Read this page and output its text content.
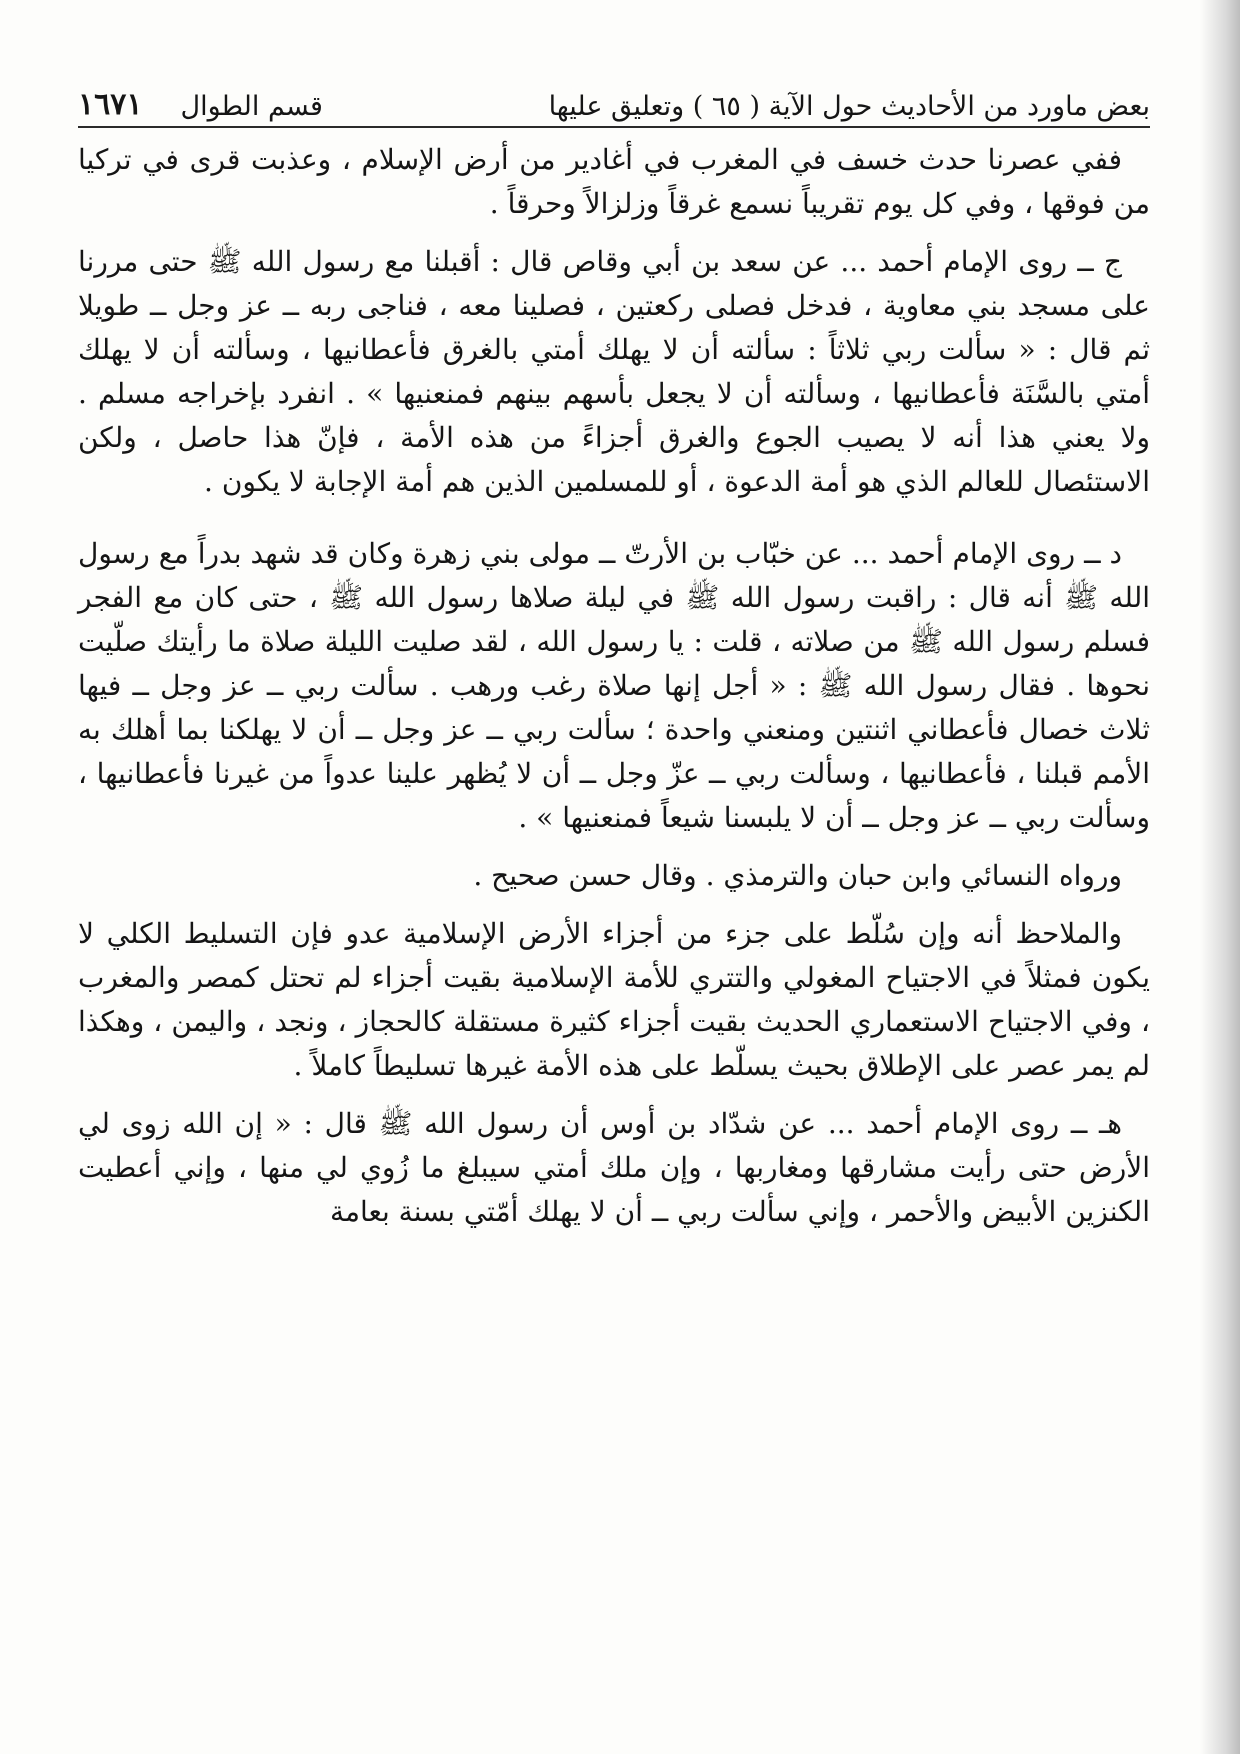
بعض ماورد من الأحاديث حول الآية ( ٦٥ ) وتعليق عليها
قسم الطوال
١٦٧١

ففي عصرنا حدث خسف في المغرب في أغادير من أرض الإسلام ، وعذبت قرى في تركيا من فوقها ، وفي كل يوم تقريباً نسمع غرقاً وزلزالاً وحرقاً .

ج ــ روى الإمام أحمد ... عن سعد بن أبي وقاص قال : أقبلنا مع رسول الله ﷺ حتى مررنا على مسجد بني معاوية ، فدخل فصلى ركعتين ، فصلينا معه ، فناجى ربه ــ عز وجل ــ طويلا ثم قال : « سألت ربي ثلاثاً : سألته أن لا يهلك أمتي بالغرق فأعطانيها ، وسألته أن لا يهلك أمتي بالسَّنَة فأعطانيها ، وسألته أن لا يجعل بأسهم بينهم فمنعنيها » . انفرد بإخراجه مسلم . ولا يعني هذا أنه لا يصيب الجوع والغرق أجزاءً من هذه الأمة ، فإنّ هذا حاصل ، ولكن الاستئصال للعالم الذي هو أمة الدعوة ، أو للمسلمين الذين هم أمة الإجابة لا يكون .

د ــ روى الإمام أحمد ... عن خبّاب بن الأرتّ ــ مولى بني زهرة وكان قد شهد بدراً مع رسول الله ﷺ أنه قال : راقبت رسول الله ﷺ في ليلة صلاها رسول الله ﷺ ، حتى كان مع الفجر فسلم رسول الله ﷺ من صلاته ، قلت : يا رسول الله ، لقد صليت الليلة صلاة ما رأيتك صلّيت نحوها . فقال رسول الله ﷺ : « أجل إنها صلاة رغب ورهب . سألت ربي ــ عز وجل ــ فيها ثلاث خصال فأعطاني اثنتين ومنعني واحدة ؛ سألت ربي ــ عز وجل ــ أن لا يهلكنا بما أهلك به الأمم قبلنا ، فأعطانيها ، وسألت ربي ــ عزّ وجل ــ أن لا يُظهر علينا عدواً من غيرنا فأعطانيها ، وسألت ربي ــ عز وجل ــ أن لا يلبسنا شيعاً فمنعنيها » .

ورواه النسائي وابن حبان والترمذي . وقال حسن صحيح .

والملاحظ أنه وإن سُلّط على جزء من أجزاء الأرض الإسلامية عدو فإن التسليط الكلي لا يكون فمثلاً في الاجتياح المغولي والتتري للأمة الإسلامية بقيت أجزاء لم تحتل كمصر والمغرب ، وفي الاجتياح الاستعماري الحديث بقيت أجزاء كثيرة مستقلة كالحجاز ، ونجد ، واليمن ، وهكذا لم يمر عصر على الإطلاق بحيث يسلّط على هذه الأمة غيرها تسليطاً كاملاً .

هـ ــ روى الإمام أحمد ... عن شدّاد بن أوس أن رسول الله ﷺ قال : « إن الله زوى لي الأرض حتى رأيت مشارقها ومغاربها ، وإن ملك أمتي سيبلغ ما زُوي لي منها ، وإني أعطيت الكنزين الأبيض والأحمر ، وإني سألت ربي ــ أن لا يهلك أمّتي بسنة بعامة
